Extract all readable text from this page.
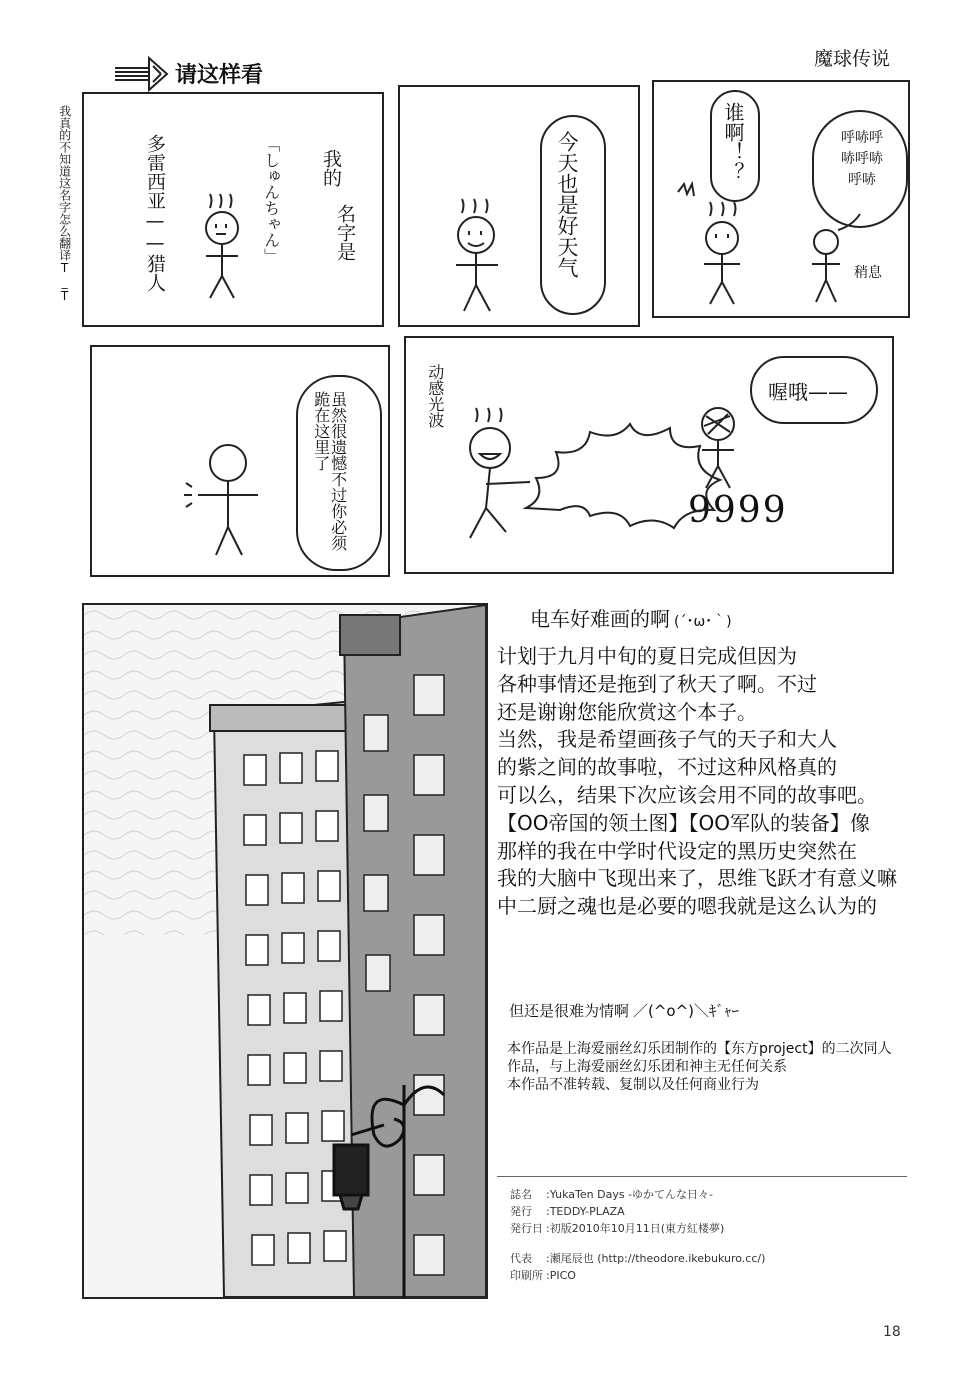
请这样看
魔球传说
我真的不知道这名字怎么翻译T_T	多雷西亚——猎人	「しゅんちゃん」 我的
名字是	今天也是好天气	谁啊！？	呼哧呼哧呼哧呼哧
稍息
虽然很遗憾不过你必须跪在这里了	动感光波	喔哦——
9999
电车好难画的啊 (´･ω･｀)

计划于九月中旬的夏日完成但因为

各种事情还是拖到了秋天了啊。不过

还是谢谢您能欣赏这个本子。

当然，我是希望画孩子气的天子和大人

的紫之间的故事啦，不过这种风格真的

可以么，结果下次应该会用不同的故事吧。

【OO帝国的领土图】【OO军队的装备】像

那样的我在中学时代设定的黑历史突然在

我的大脑中飞现出来了，思维飞跃才有意义嘛

中二厨之魂也是必要的嗯我就是这么认为的

但还是很难为情啊 ／(^o^)＼ｷﾞｬｰ
本作品是上海爱丽丝幻乐团制作的【东方project】的二次同人
作品，与上海爱丽丝幻乐团和神主无任何关系
本作品不准转载、复制以及任何商业行为
誌名 :YukaTen Days -ゆかてんな日々-
発行 :TEDDY-PLAZA
発行日 :初版2010年10月11日(東方紅楼夢)
代表 :瀬尾辰也 (http://theodore.ikebukuro.cc/)
印刷所 :PICO
18
